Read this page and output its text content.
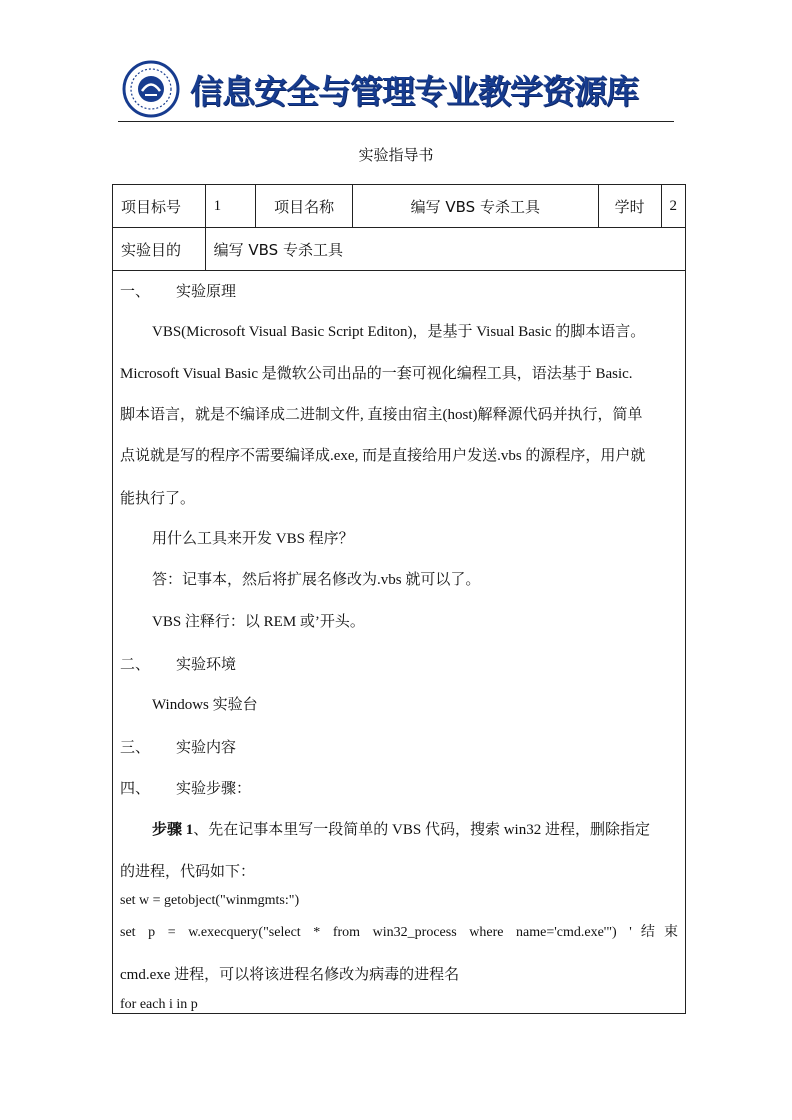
信息安全与管理专业教学资源库
实验指导书
项目标号	1	项目名称	编写 VBS 专杀工具	学时	2
实验目的	编写 VBS 专杀工具				
一、 实验原理
VBS(Microsoft Visual Basic Script Editon)，是基于 Visual Basic 的脚本语言。
Microsoft Visual Basic 是微软公司出品的一套可视化编程工具，语法基于 Basic.
脚本语言，就是不编译成二进制文件, 直接由宿主(host)解释源代码并执行，简单
点说就是写的程序不需要编译成.exe, 而是直接给用户发送.vbs 的源程序，用户就
能执行了。
用什么工具来开发 VBS 程序？
答：记事本，然后将扩展名修改为.vbs 就可以了。
VBS 注释行：以 REM 或’开头。
二、 实验环境
Windows 实验台
三、 实验内容
四、 实验步骤：
步骤 1、先在记事本里写一段简单的 VBS 代码，搜索 win32 进程，删除指定
的进程，代码如下：
set w = getobject("winmgmts:")
set p = w.execquery("select * from win32_process where name='cmd.exe'") '结束
cmd.exe 进程，可以将该进程名修改为病毒的进程名
for each i in p
